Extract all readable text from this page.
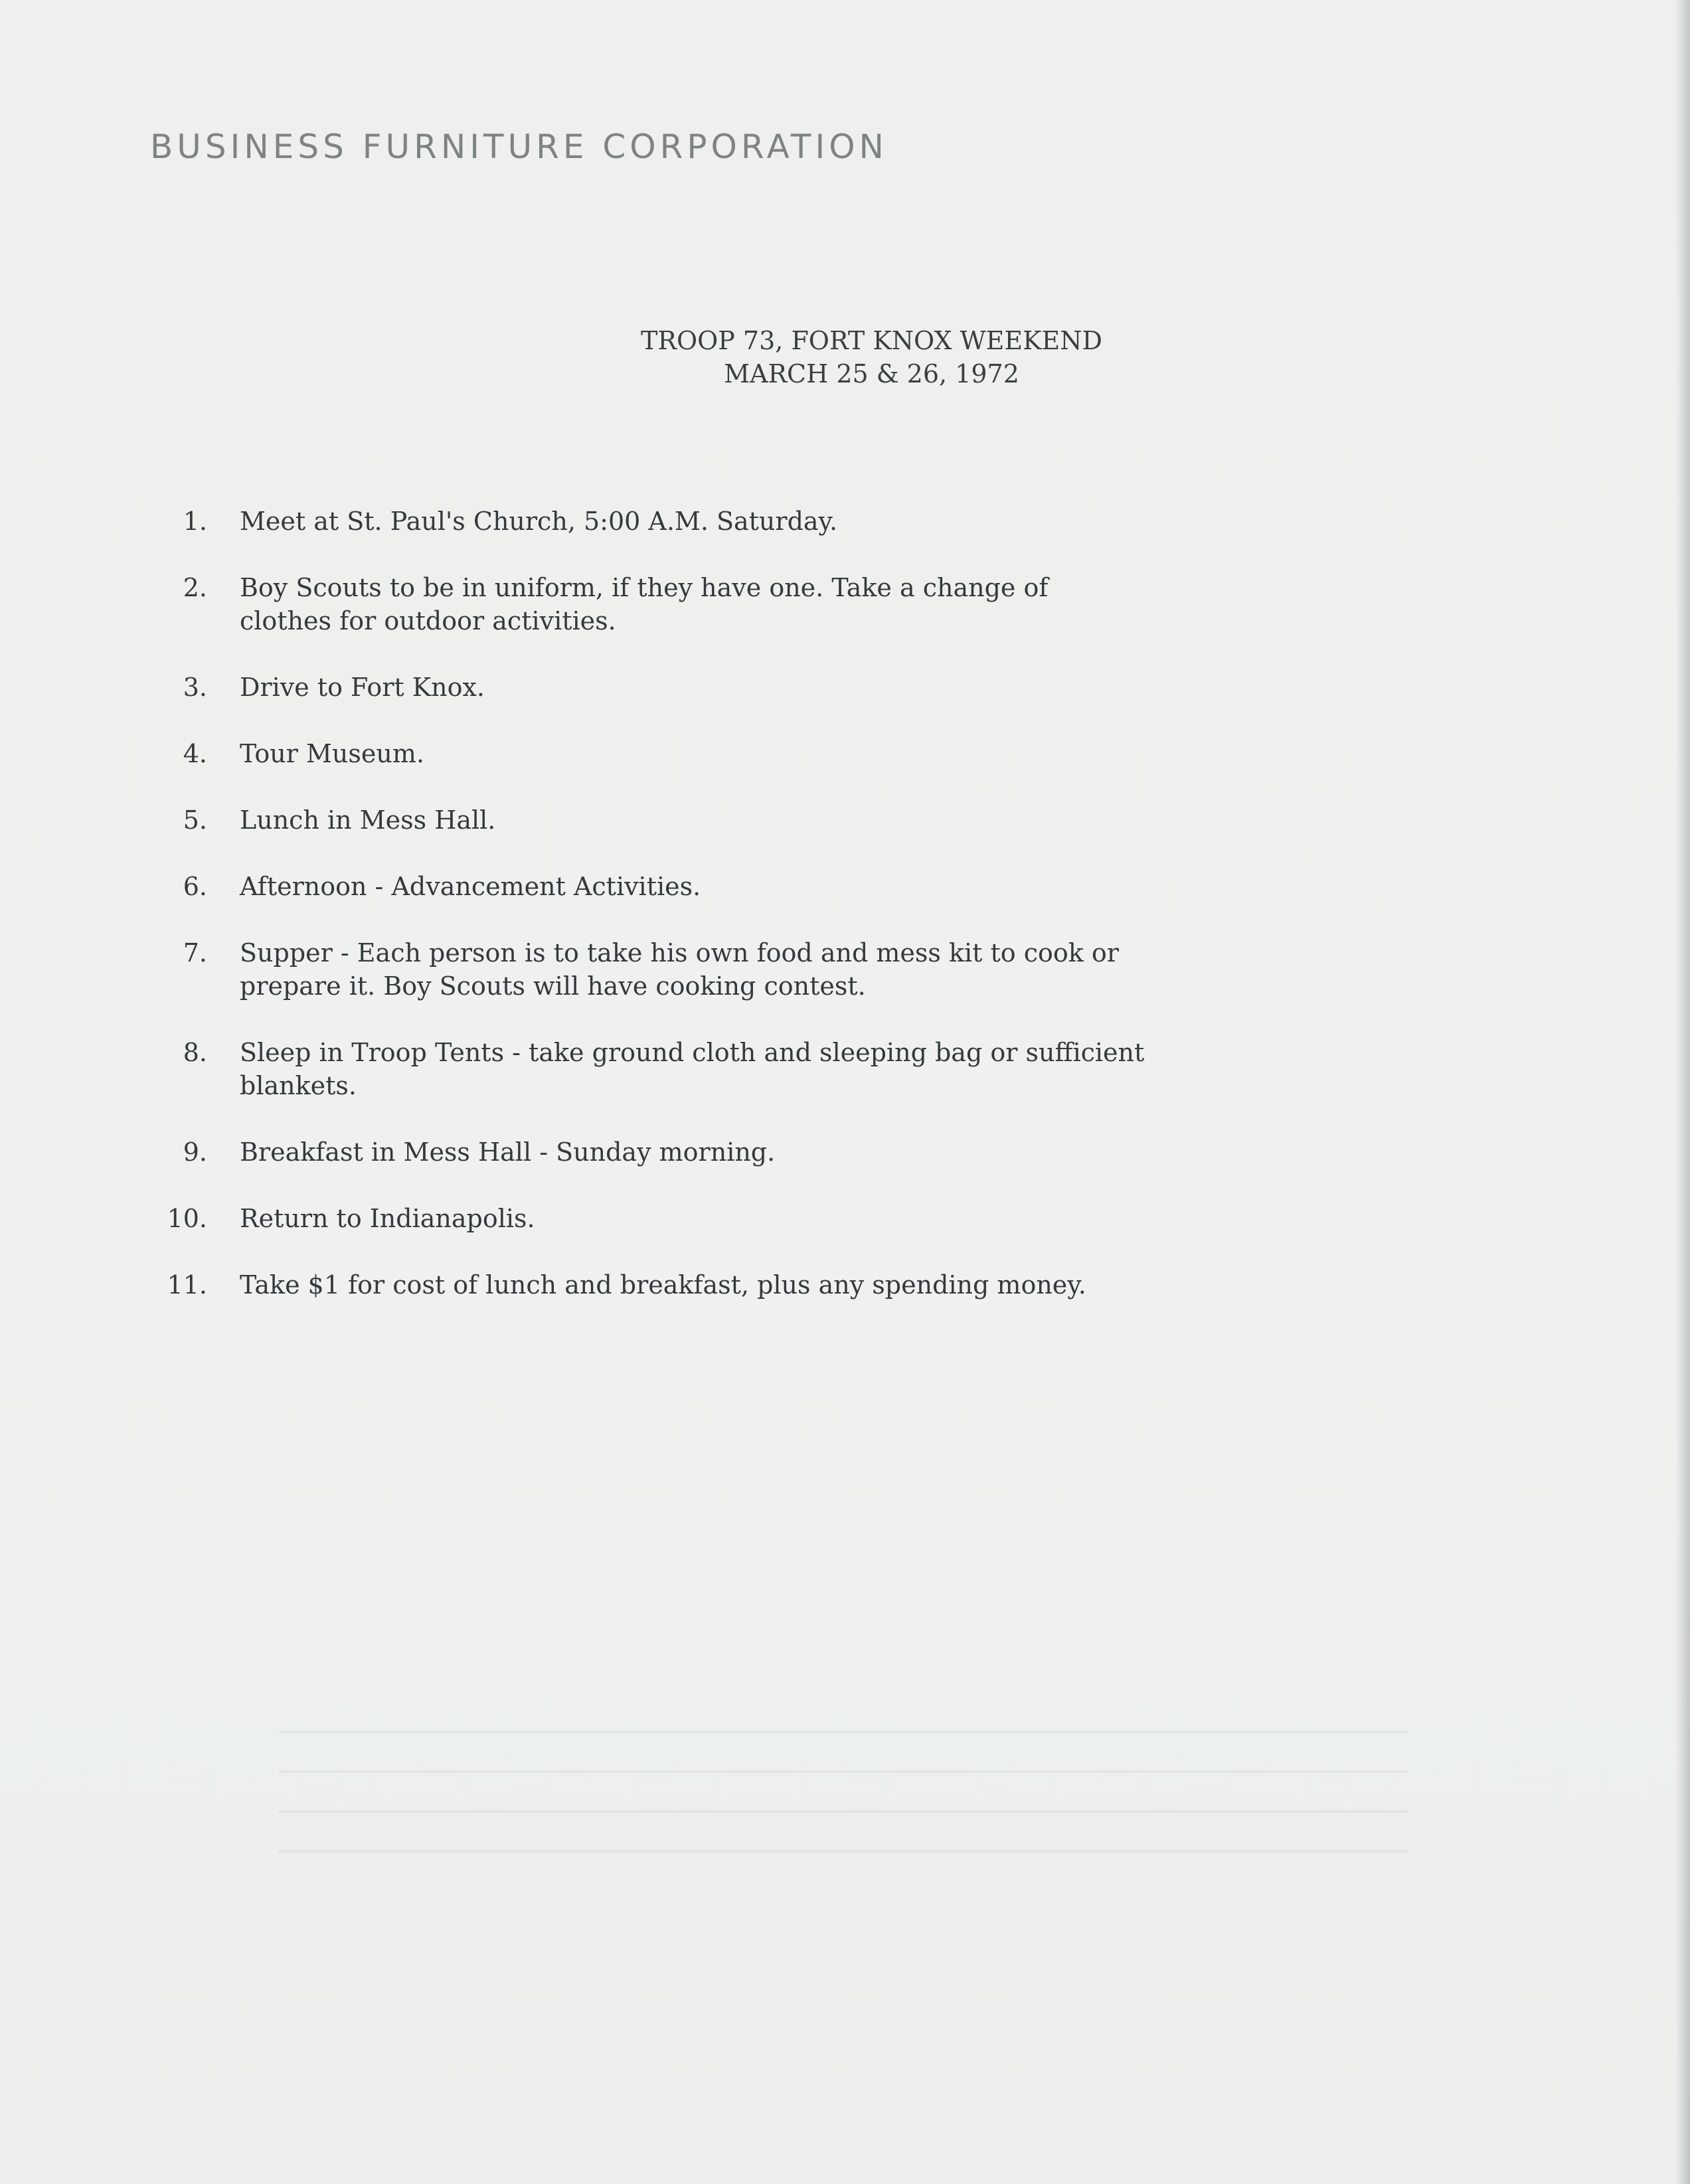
BUSINESS FURNITURE CORPORATION
TROOP 73, FORT KNOX WEEKEND
MARCH 25 & 26, 1972
1. Meet at St. Paul's Church, 5:00 A.M. Saturday.
2. Boy Scouts to be in uniform, if they have one. Take a change of
clothes for outdoor activities.
3. Drive to Fort Knox.
4. Tour Museum.
5. Lunch in Mess Hall.
6. Afternoon - Advancement Activities.
7. Supper - Each person is to take his own food and mess kit to cook or
prepare it. Boy Scouts will have cooking contest.
8. Sleep in Troop Tents - take ground cloth and sleeping bag or sufficient
blankets.
9. Breakfast in Mess Hall - Sunday morning.
10. Return to Indianapolis.
11. Take $1 for cost of lunch and breakfast, plus any spending money.
